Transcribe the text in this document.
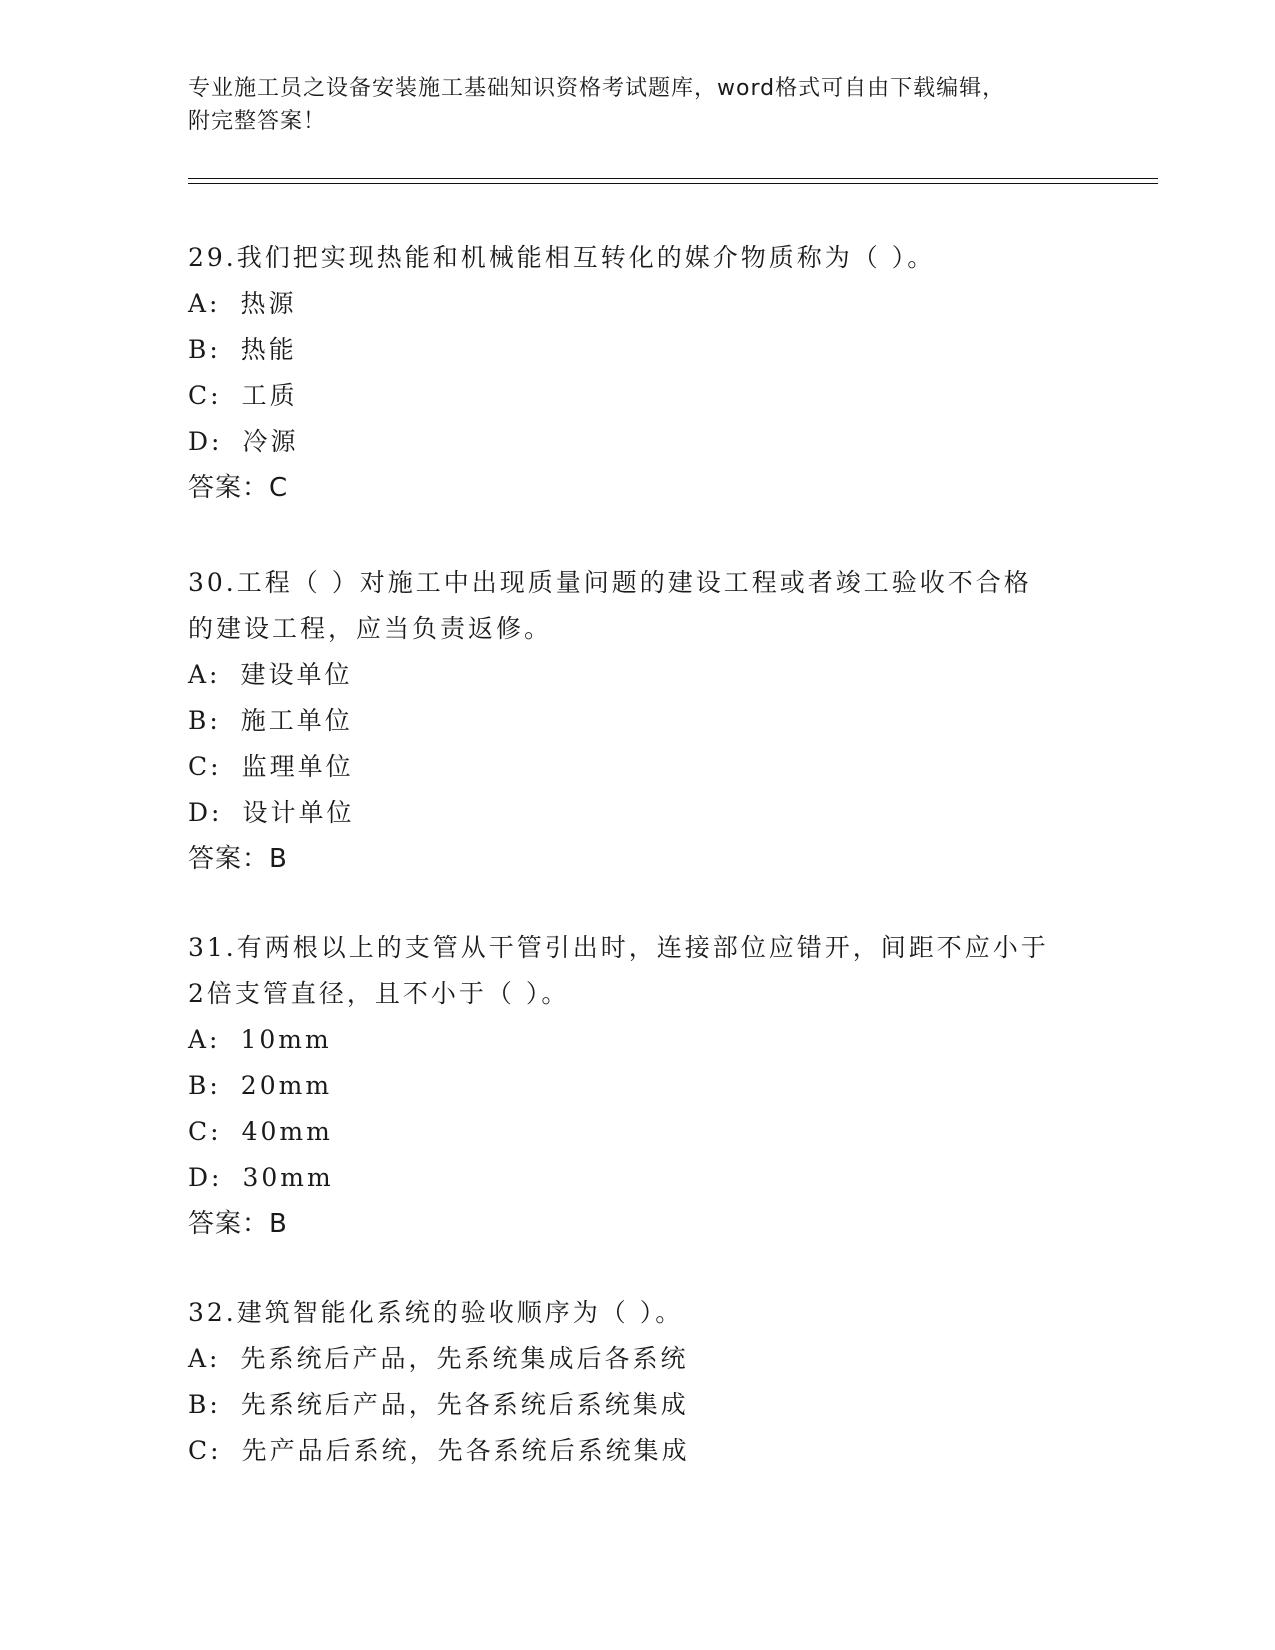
专业施工员之设备安装施工基础知识资格考试题库，word格式可自由下载编辑，
附完整答案！

29.我们把实现热能和机械能相互转化的媒介物质称为（ ）。

A: 热源

B: 热能

C: 工质

D: 冷源

答案：C

30.工程（ ）对施工中出现质量问题的建设工程或者竣工验收不合格

的建设工程，应当负责返修。

A: 建设单位

B: 施工单位

C: 监理单位

D: 设计单位

答案：B

31.有两根以上的支管从干管引出时，连接部位应错开，间距不应小于

2倍支管直径，且不小于（ ）。

A: 10mm

B: 20mm

C: 40mm

D: 30mm

答案：B

32.建筑智能化系统的验收顺序为（ ）。

A: 先系统后产品，先系统集成后各系统

B: 先系统后产品，先各系统后系统集成

C: 先产品后系统，先各系统后系统集成
